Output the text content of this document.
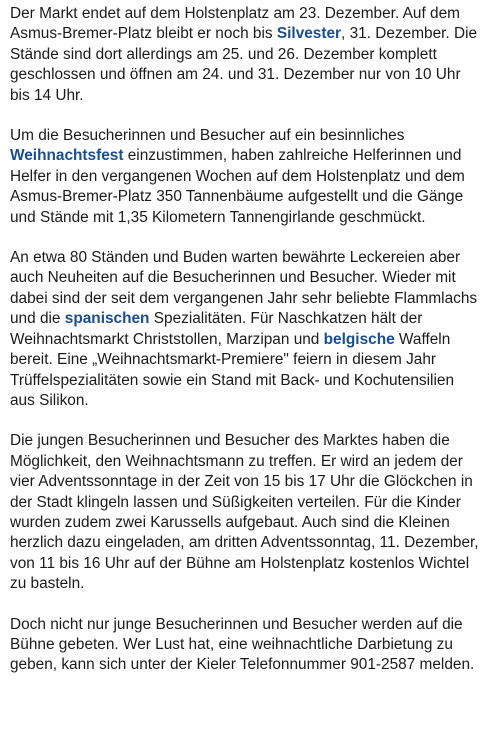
Der Markt endet auf dem Holstenplatz am 23. Dezember. Auf dem Asmus-Bremer-Platz bleibt er noch bis Silvester, 31. Dezember. Die Stände sind dort allerdings am 25. und 26. Dezember komplett geschlossen und öffnen am 24. und 31. Dezember nur von 10 Uhr bis 14 Uhr.

Um die Besucherinnen und Besucher auf ein besinnliches Weihnachtsfest einzustimmen, haben zahlreiche Helferinnen und Helfer in den vergangenen Wochen auf dem Holstenplatz und dem Asmus-Bremer-Platz 350 Tannenbäume aufgestellt und die Gänge und Stände mit 1,35 Kilometern Tannengirlande geschmückt.

An etwa 80 Ständen und Buden warten bewährte Leckereien aber auch Neuheiten auf die Besucherinnen und Besucher. Wieder mit dabei sind der seit dem vergangenen Jahr sehr beliebte Flammlachs und die spanischen Spezialitäten. Für Naschkatzen hält der Weihnachtsmarkt Christstollen, Marzipan und belgische Waffeln bereit. Eine „Weihnachtsmarkt-Premiere" feiern in diesem Jahr Trüffelspezialitäten sowie ein Stand mit Back- und Kochutensilien aus Silikon.

Die jungen Besucherinnen und Besucher des Marktes haben die Möglichkeit, den Weihnachtsmann zu treffen. Er wird an jedem der vier Adventssonntage in der Zeit von 15 bis 17 Uhr die Glöckchen in der Stadt klingeln lassen und Süßigkeiten verteilen. Für die Kinder wurden zudem zwei Karussells aufgebaut. Auch sind die Kleinen herzlich dazu eingeladen, am dritten Adventssonntag, 11. Dezember, von 11 bis 16 Uhr auf der Bühne am Holstenplatz kostenlos Wichtel zu basteln.

Doch nicht nur junge Besucherinnen und Besucher werden auf die Bühne gebeten. Wer Lust hat, eine weihnachtliche Darbietung zu geben, kann sich unter der Kieler Telefonnummer 901-2587 melden.
